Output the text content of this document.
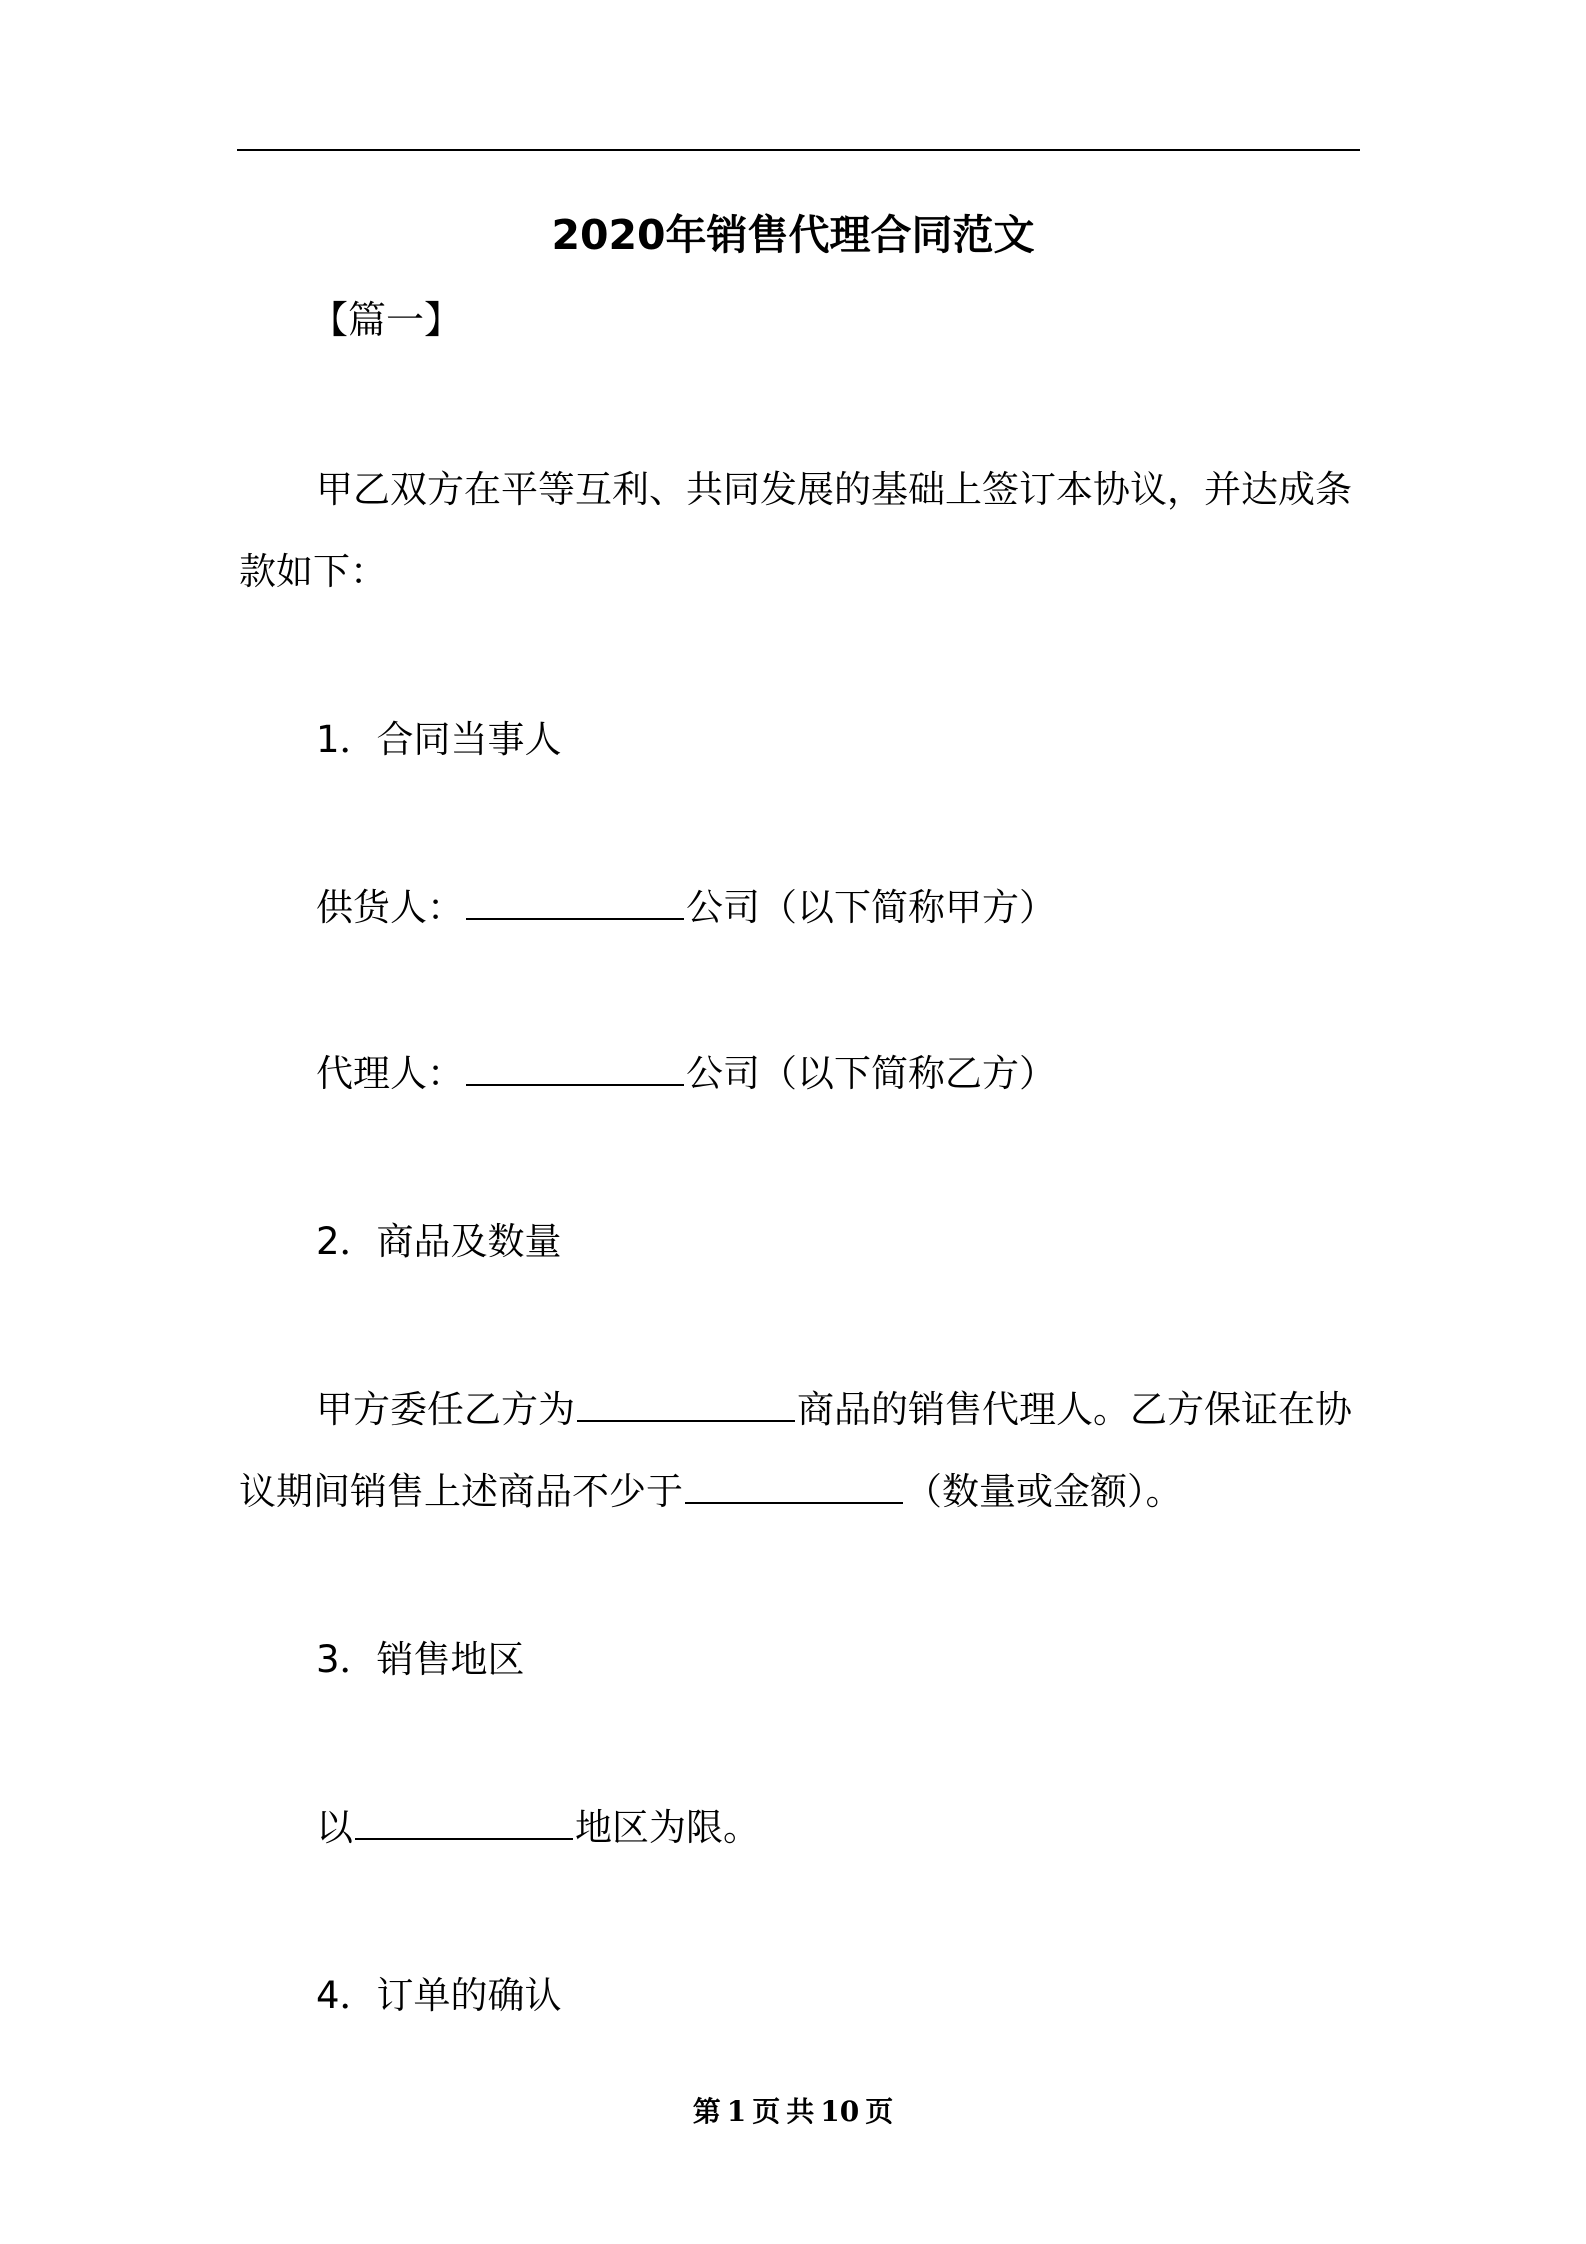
2020年销售代理合同范文
【篇一】
甲乙双方在平等互利、共同发展的基础上签订本协议，并达成条
款如下：
1．合同当事人
供货人：	公司（以下简称甲方）
代理人：	公司（以下简称乙方）
2．商品及数量
甲方委任乙方为	商品的销售代理人。乙方保证在协
议期间销售上述商品不少于	（数量或金额）。
3．销售地区
以	地区为限。
4．订单的确认
第 1 页 共 10 页
